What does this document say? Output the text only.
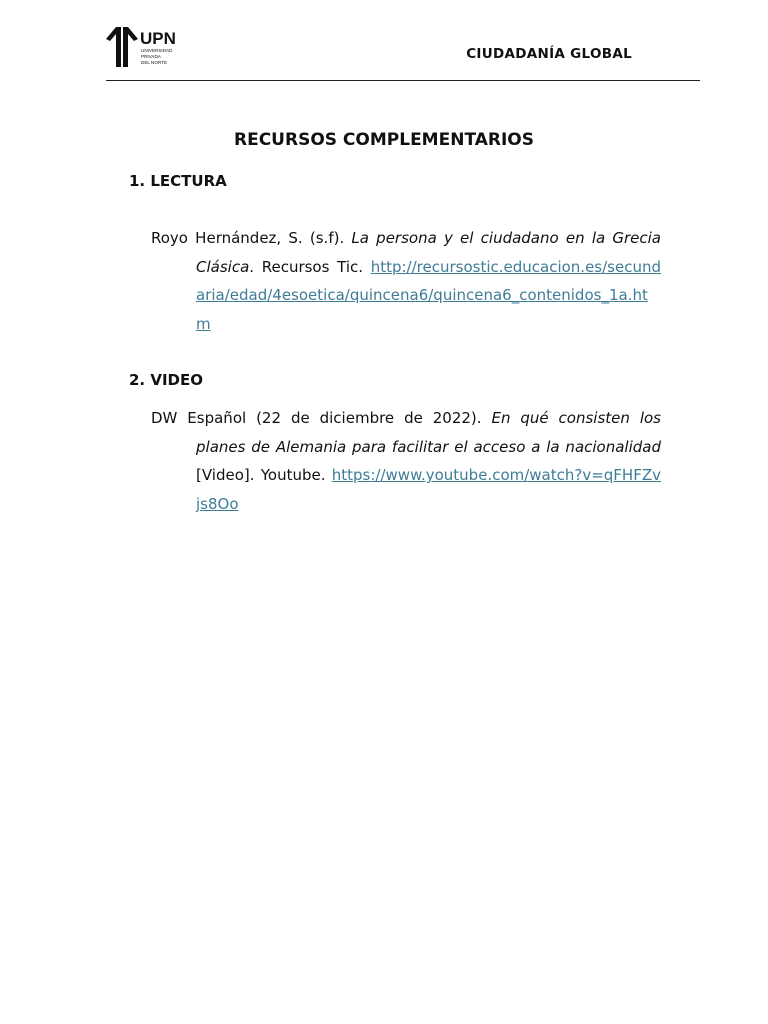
UPN
UNIVERSIDAD
PRIVADA
DEL NORTE
CIUDADANÍA GLOBAL
RECURSOS COMPLEMENTARIOS
1. LECTURA
Royo Hernández, S. (s.f). La persona y el ciudadano en la Grecia Clásica. Recursos Tic. http://recursostic.educacion.es/secundaria/edad/4esoetica/quincena6/quincena6_contenidos_1a.htm
2. VIDEO
DW Español (22 de diciembre de 2022). En qué consisten los planes de Alemania para facilitar el acceso a la nacionalidad [Video]. Youtube. https://www.youtube.com/watch?v=qFHFZvjs8Oo
